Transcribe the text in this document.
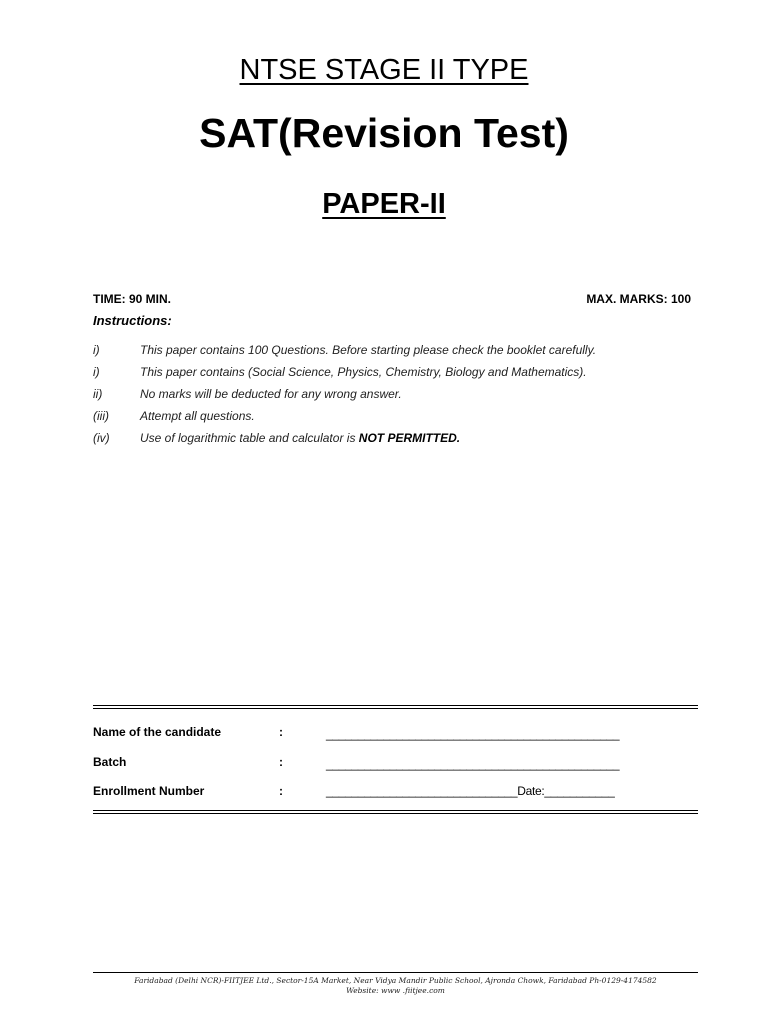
NTSE STAGE II TYPE
SAT(Revision Test)
PAPER-II
TIME: 90 MIN.	MAX. MARKS: 100
Instructions:
i)	This paper contains 100 Questions. Before starting please check the booklet carefully.
i)	This paper contains (Social Science, Physics, Chemistry, Biology and Mathematics).
ii)	No marks will be deducted for any wrong answer.
(iii)	Attempt all questions.
(iv)	Use of logarithmic table and calculator is NOT PERMITTED.
Name of the candidate	:	______________________________________________
Batch	:	______________________________________________
Enrollment Number	:	______________________________Date:___________
Faridabad (Delhi NCR)-FIITJEE Ltd., Sector-15A Market, Near Vidya Mandir Public School, Ajronda Chowk, Faridabad Ph-0129-4174582
Website: www .fiitjee.com
